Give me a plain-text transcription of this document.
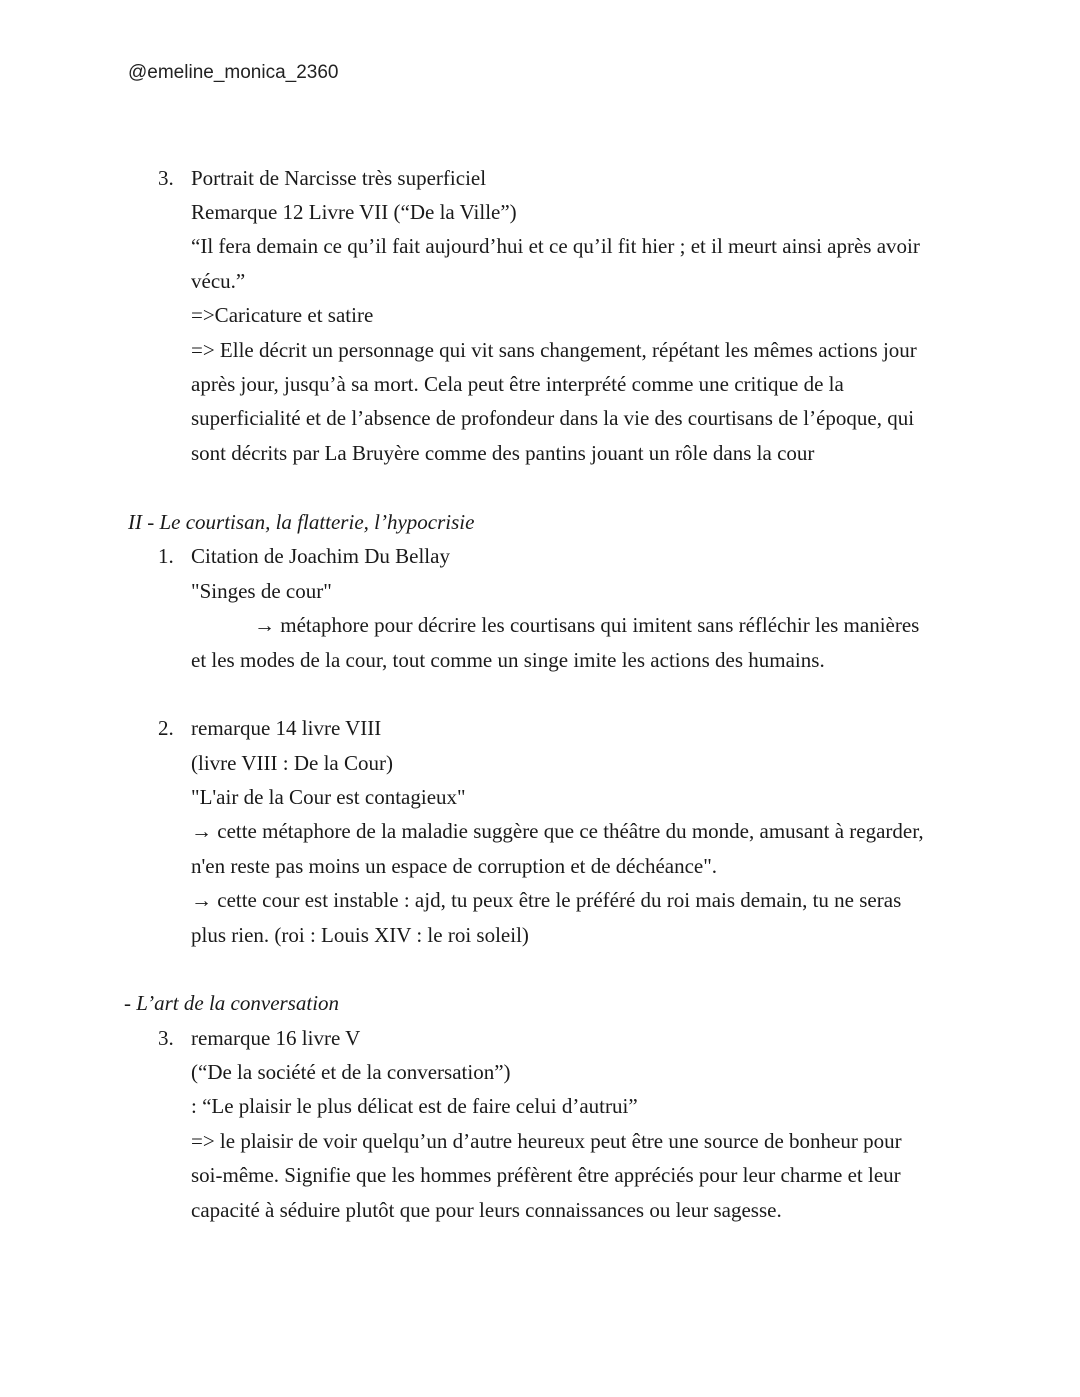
@emeline_monica_2360
3. Portrait de Narcisse très superficiel
Remarque 12 Livre VII (“De la Ville”)
“Il fera demain ce qu’il fait aujourd’hui et ce qu’il fit hier ; et il meurt ainsi après avoir
vécu.”
=>Caricature et satire
=> Elle décrit un personnage qui vit sans changement, répétant les mêmes actions jour
après jour, jusqu’à sa mort. Cela peut être interprété comme une critique de la
superficialité et de l’absence de profondeur dans la vie des courtisans de l’époque, qui
sont décrits par La Bruyère comme des pantins jouant un rôle dans la cour
II - Le courtisan, la flatterie, l’hypocrisie
1. Citation de Joachim Du Bellay
"Singes de cour"
→ métaphore pour décrire les courtisans qui imitent sans réfléchir les manières
et les modes de la cour, tout comme un singe imite les actions des humains.
2. remarque 14 livre VIII
(livre VIII : De la Cour)
"L'air de la Cour est contagieux"
→ cette métaphore de la maladie suggère que ce théâtre du monde, amusant à regarder,
n'en reste pas moins un espace de corruption et de déchéance".
→ cette cour est instable : ajd, tu peux être le préféré du roi mais demain, tu ne seras
plus rien. (roi : Louis XIV : le roi soleil)
- L’art de la conversation
3. remarque 16 livre V
(“De la société et de la conversation”)
: “Le plaisir le plus délicat est de faire celui d’autrui”
=> le plaisir de voir quelqu’un d’autre heureux peut être une source de bonheur pour
soi-même. Signifie que les hommes préfèrent être appréciés pour leur charme et leur
capacité à séduire plutôt que pour leurs connaissances ou leur sagesse.
